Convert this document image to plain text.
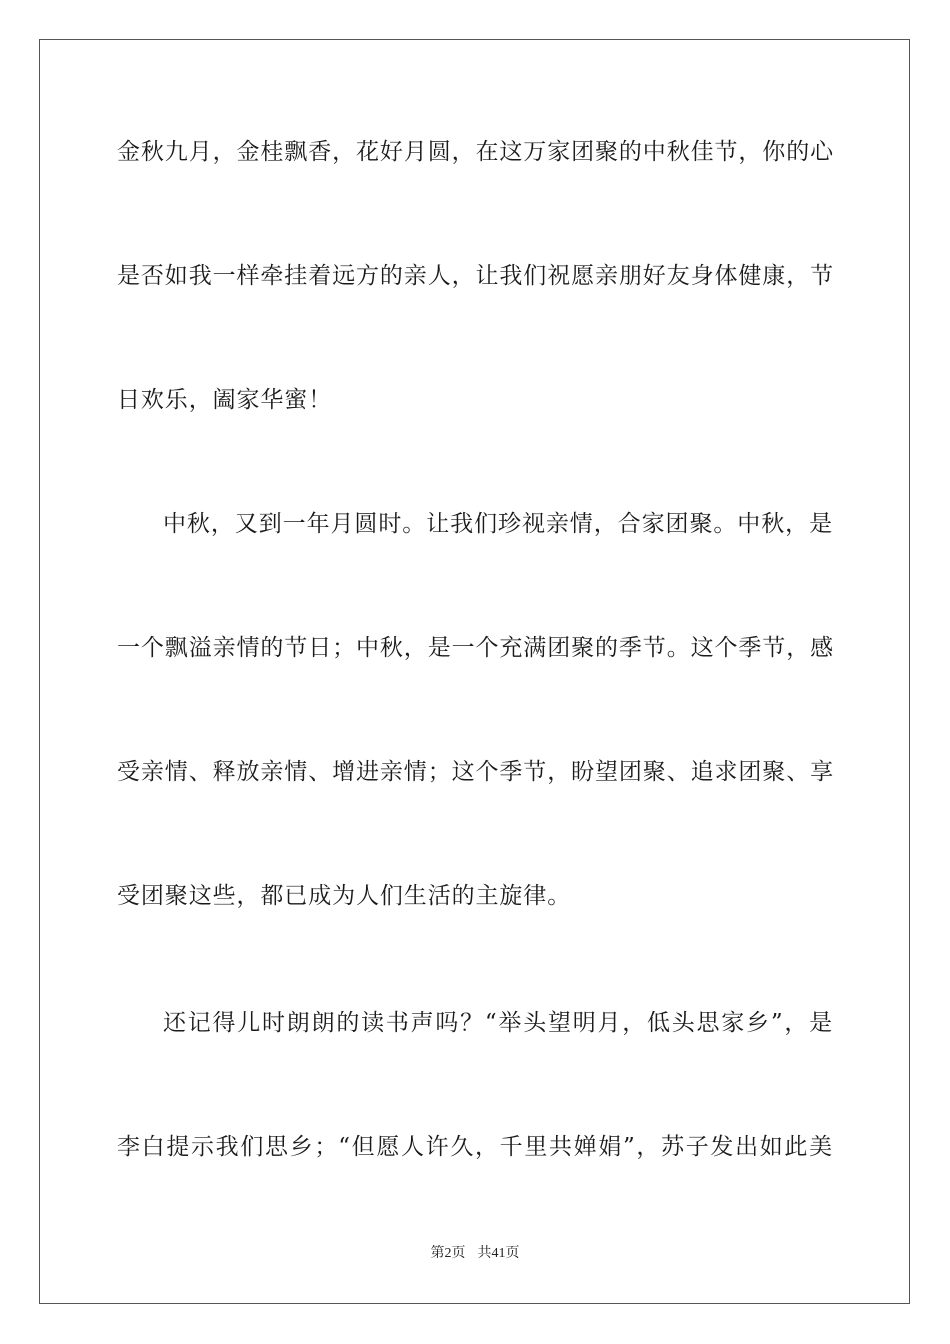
金秋九月，金桂飘香，花好月圆，在这万家团聚的中秋佳节，你的心
是否如我一样牵挂着远方的亲人，让我们祝愿亲朋好友身体健康，节
日欢乐，阖家华蜜！
中秋，又到一年月圆时。让我们珍视亲情，合家团聚。中秋，是
一个飘溢亲情的节日；中秋，是一个充满团聚的季节。这个季节，感
受亲情、释放亲情、增进亲情；这个季节，盼望团聚、追求团聚、享
受团聚这些，都已成为人们生活的主旋律。
还记得儿时朗朗的读书声吗？“举头望明月，低头思家乡”，是
李白提示我们思乡；“但愿人许久，千里共婵娟”，苏子发出如此美
第2页 共41页
